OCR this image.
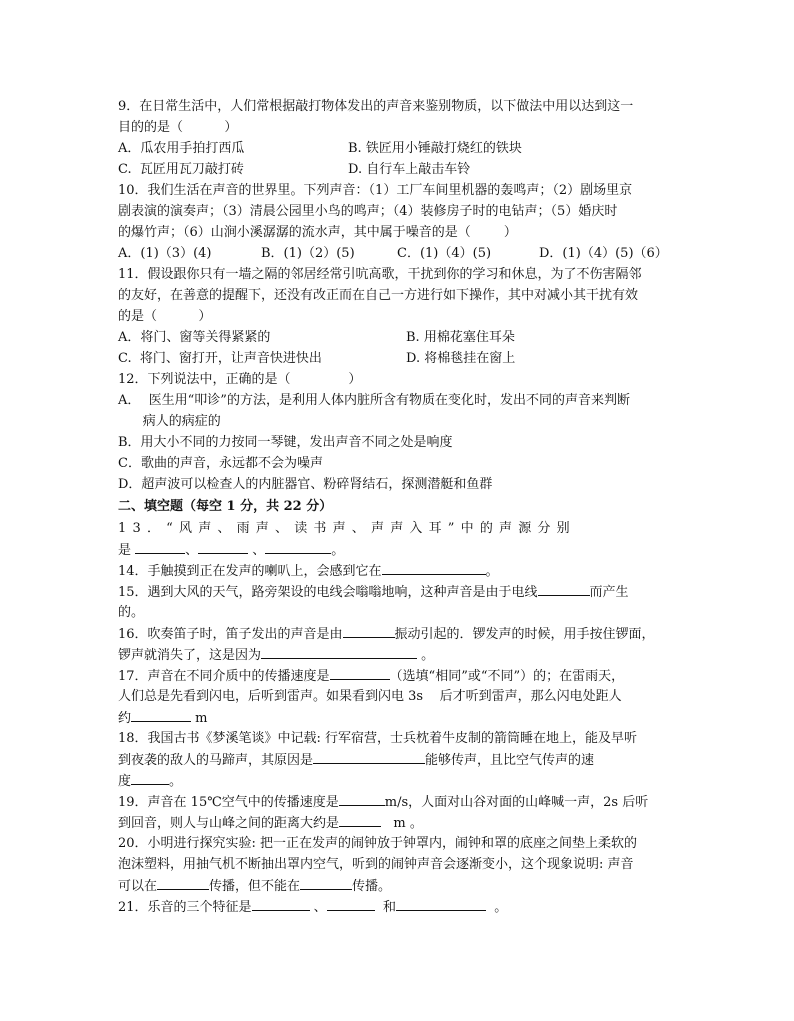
9．在日常生活中，人们常根据敲打物体发出的声音来鉴别物质，以下做法中用以达到这一
目的的是（          ）
A．瓜农用手拍打西瓜	B. 铁匠用小锤敲打烧红的铁块
C.  瓦匠用瓦刀敲打砖	D. 自行车上敲击车铃
10．我们生活在声音的世界里。下列声音：（1）工厂车间里机器的轰鸣声；（2）剧场里京
剧表演的演奏声；（3）清晨公园里小鸟的鸣声；（4）装修房子时的电钻声；（5）婚庆时
的爆竹声；（6）山涧小溪潺潺的流水声，其中属于噪音的是（        ）
A．(1)（3）(4)	B．(1)（2）(5)	C．(1)（4）(5)	D．(1)（4）(5)（6）
11．假设跟你只有一墙之隔的邻居经常引吭高歌，干扰到你的学习和休息，为了不伤害隔邻
的友好，在善意的提醒下，还没有改正而在自己一方进行如下操作，其中对减小其干扰有效
的是（          ）
A．将门、窗等关得紧紧的	B. 用棉花塞住耳朵
C.  将门、窗打开，让声音快进快出	D. 将棉毯挂在窗上
12．下列说法中，正确的是（              ）
A．  医生用“叩诊”的方法，是利用人体内脏所含有物质在变化时，发出不同的声音来判断
病人的病症的
B．用大小不同的力按同一琴键，发出声音不同之处是响度
C．歌曲的声音，永远都不会为噪声
D．超声波可以检查人的内脏器官、粉碎肾结石，探测潜艇和鱼群
二、填空题（每空 1 分，共 22 分）
13．“风声、雨声、读书声、声声入耳”中的声源分别
是	、	、	。
14．手触摸到正在发声的喇叭上，会感到它在	。
15．遇到大风的天气，路旁架设的电线会嗡嗡地响，这种声音是由于电线	而产生
的。
16．吹奏笛子时，笛子发出的声音是由	振动引起的．锣发声的时候，用手按住锣面，
锣声就消失了，这是因为	。
17．声音在不同介质中的传播速度是	（选填“相同”或“不同”）的；在雷雨天，
人们总是先看到闪电，后听到雷声。如果看到闪电 3s    后才听到雷声，那么闪电处距人
约	m
18．我国古书《梦溪笔谈》中记载: 行军宿营，士兵枕着牛皮制的箭筒睡在地上，能及早听
到夜袭的敌人的马蹄声，其原因是	能够传声，且比空气传声的速
度	。
19．声音在 15℃空气中的传播速度是	m/s，人面对山谷对面的山峰喊一声，2s 后听
到回音，则人与山峰之间的距离大约是	m 。
20．小明进行探究实验: 把一正在发声的闹钟放于钟罩内，闹钟和罩的底座之间垫上柔软的
泡沫塑料，用抽气机不断抽出罩内空气，听到的闹钟声音会逐渐变小，这个现象说明: 声音
可以在	传播，但不能在	传播。
21．乐音的三个特征是	、	和	。
